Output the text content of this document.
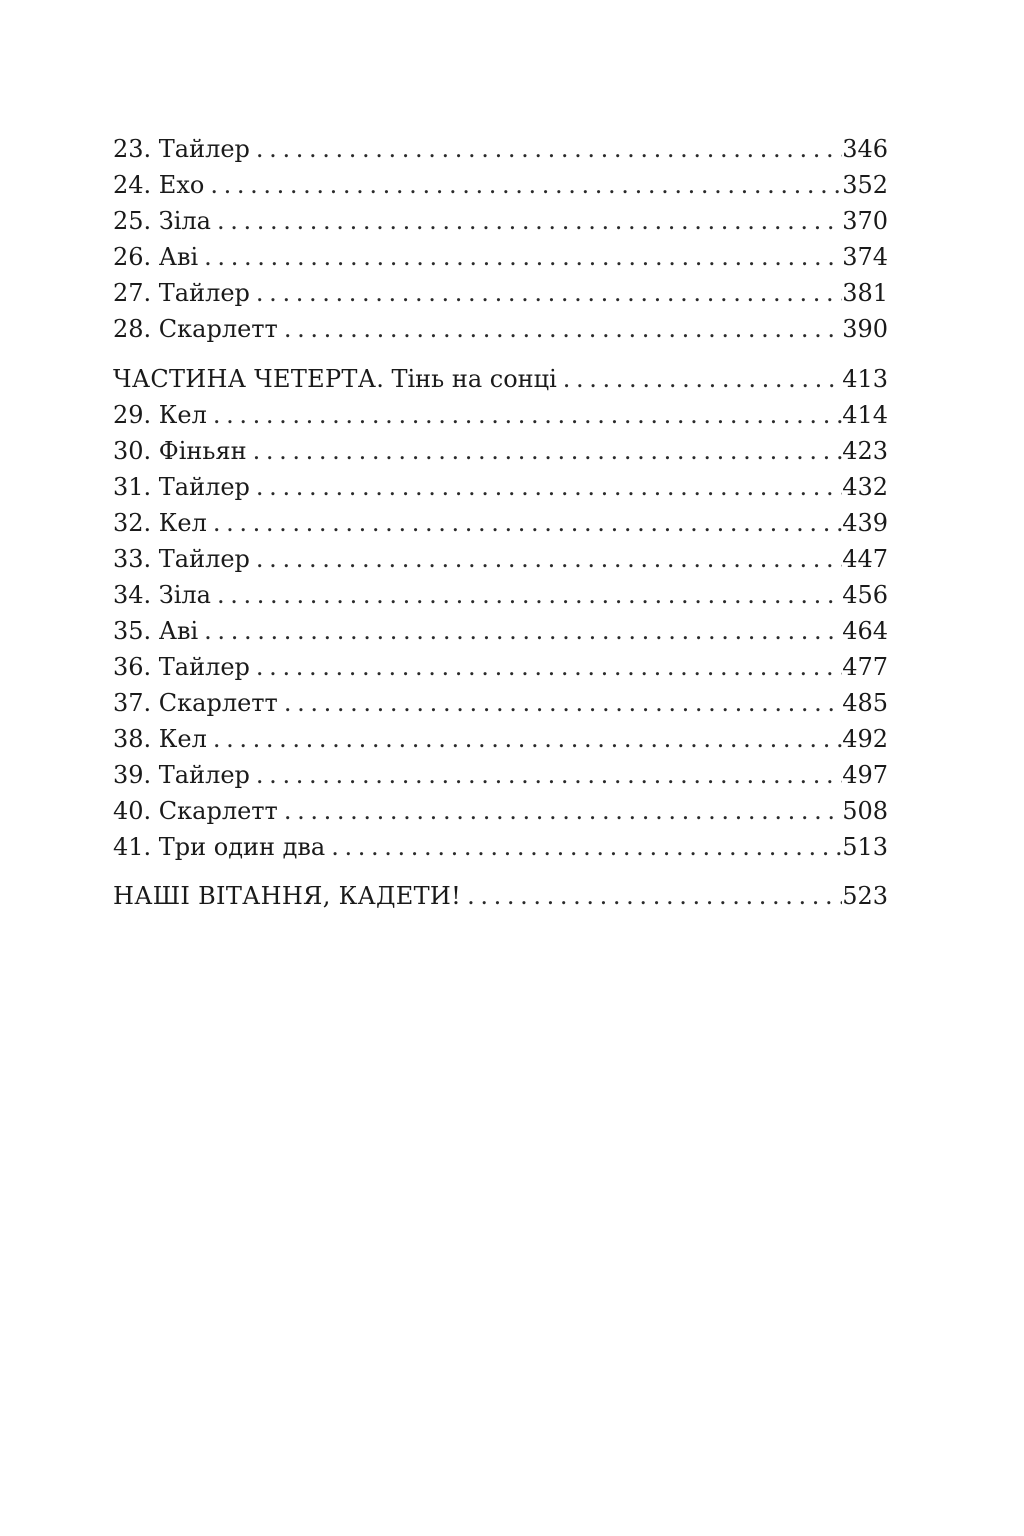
23. Тайлер . . .	346
24. Ехо . . .	352
25. Зіла . . .	370
26. Аві . . .	374
27. Тайлер . . .	381
28. Скарлетт . . .	390
ЧАСТИНА ЧЕТЕРТА. Тінь на сонці . . .	413
29. Кел . . .	414
30. Фіньян . . .	423
31. Тайлер . . .	432
32. Кел . . .	439
33. Тайлер . . .	447
34. Зіла . . .	456
35. Аві . . .	464
36. Тайлер . . .	477
37. Скарлетт . . .	485
38. Кел . . .	492
39. Тайлер . . .	497
40. Скарлетт . . .	508
41. Три один два . . .	513
НАШІ ВІТАННЯ, КАДЕТИ! . . .	523
